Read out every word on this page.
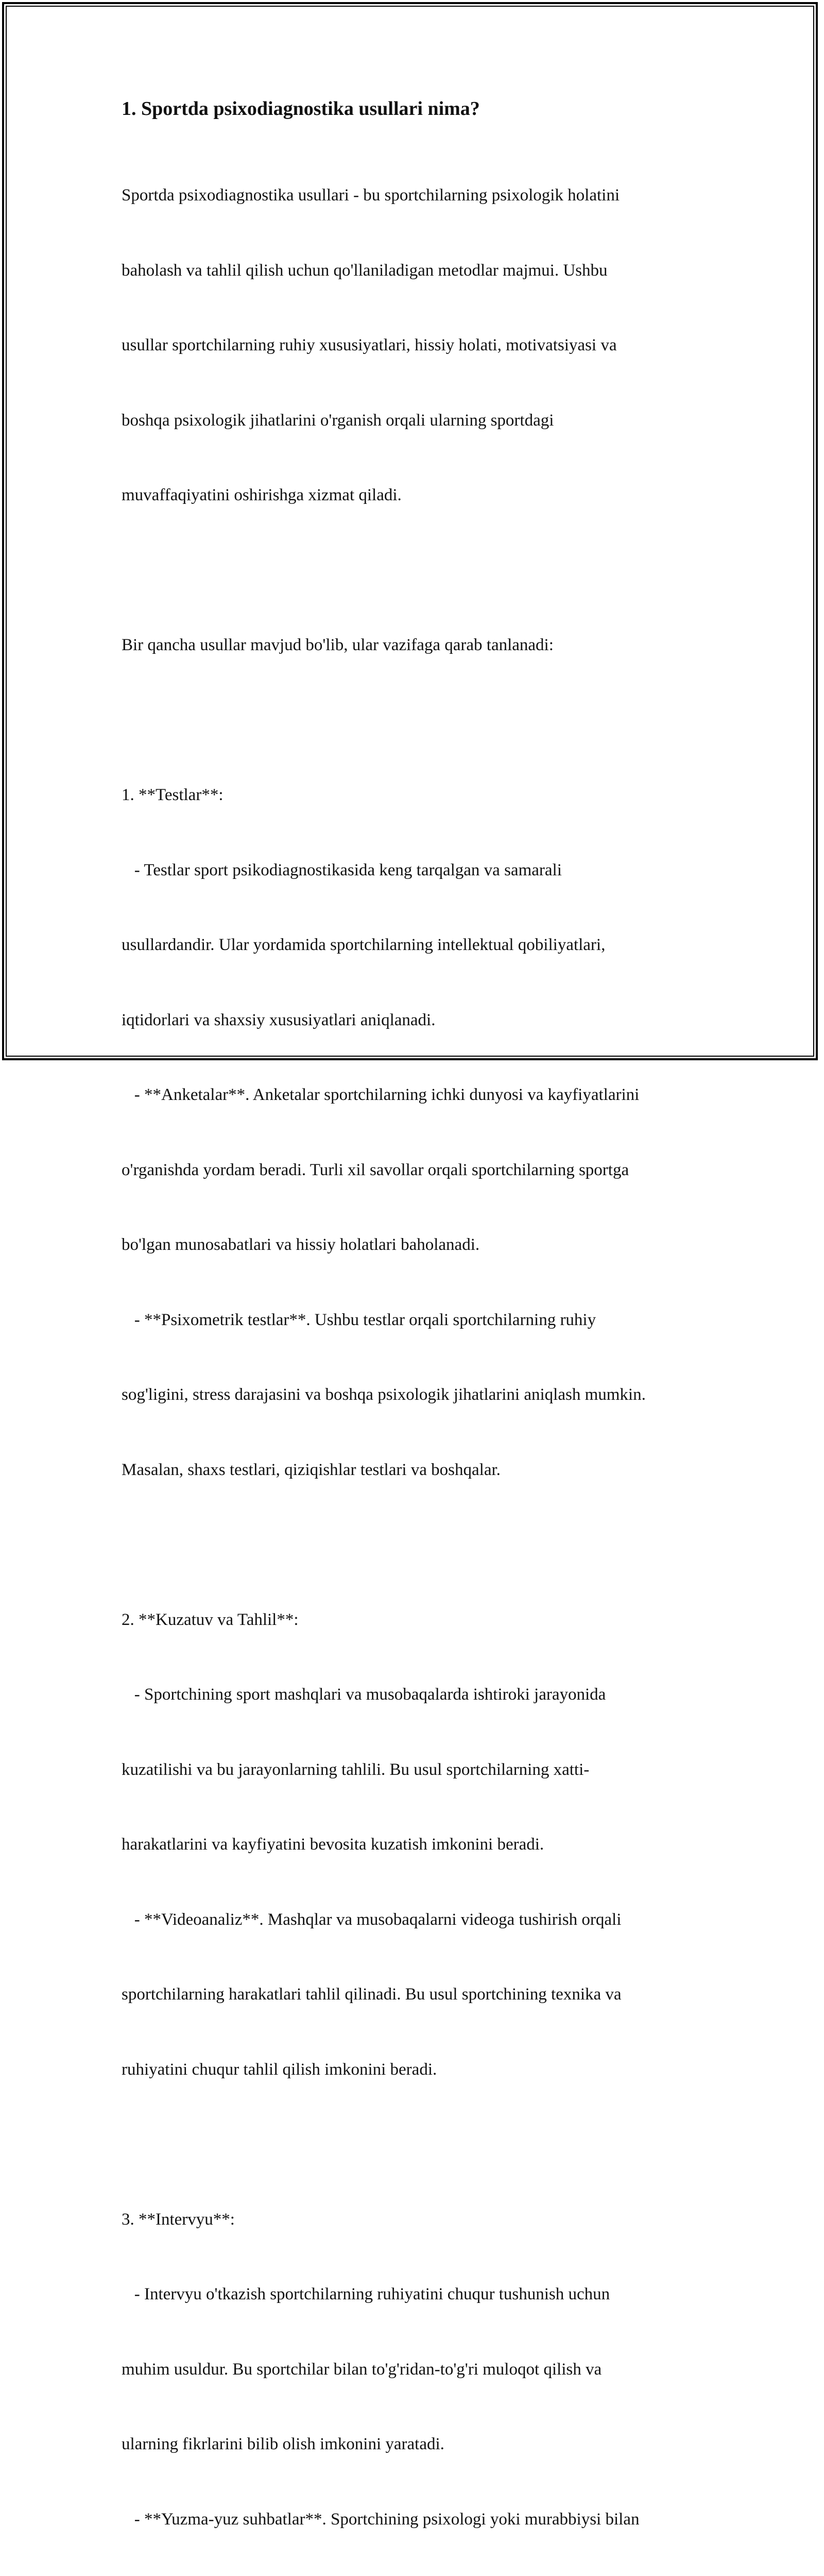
1. Sportda psixodiagnostika usullari nima?

Sportda psixodiagnostika usullari - bu sportchilarning psixologik holatini

baholash va tahlil qilish uchun qo'llaniladigan metodlar majmui. Ushbu

usullar sportchilarning ruhiy xususiyatlari, hissiy holati, motivatsiyasi va

boshqa psixologik jihatlarini o'rganish orqali ularning sportdagi

muvaffaqiyatini oshirishga xizmat qiladi.

Bir qancha usullar mavjud bo'lib, ular vazifaga qarab tanlanadi:

1. **Testlar**:

- Testlar sport psikodiagnostikasida keng tarqalgan va samarali

usullardandir. Ular yordamida sportchilarning intellektual qobiliyatlari,

iqtidorlari va shaxsiy xususiyatlari aniqlanadi.

- **Anketalar**. Anketalar sportchilarning ichki dunyosi va kayfiyatlarini

o'rganishda yordam beradi. Turli xil savollar orqali sportchilarning sportga

bo'lgan munosabatlari va hissiy holatlari baholanadi.

- **Psixometrik testlar**. Ushbu testlar orqali sportchilarning ruhiy

sog'ligini, stress darajasini va boshqa psixologik jihatlarini aniqlash mumkin.

Masalan, shaxs testlari, qiziqishlar testlari va boshqalar.

2. **Kuzatuv va Tahlil**:

- Sportchining sport mashqlari va musobaqalarda ishtiroki jarayonida

kuzatilishi va bu jarayonlarning tahlili. Bu usul sportchilarning xatti-

harakatlarini va kayfiyatini bevosita kuzatish imkonini beradi.

- **Videoanaliz**. Mashqlar va musobaqalarni videoga tushirish orqali

sportchilarning harakatlari tahlil qilinadi. Bu usul sportchining texnika va

ruhiyatini chuqur tahlil qilish imkonini beradi.

3. **Intervyu**:

- Intervyu o'tkazish sportchilarning ruhiyatini chuqur tushunish uchun

muhim usuldur. Bu sportchilar bilan to'g'ridan-to'g'ri muloqot qilish va

ularning fikrlarini bilib olish imkonini yaratadi.

- **Yuzma-yuz suhbatlar**. Sportchining psixologi yoki murabbiysi bilan
